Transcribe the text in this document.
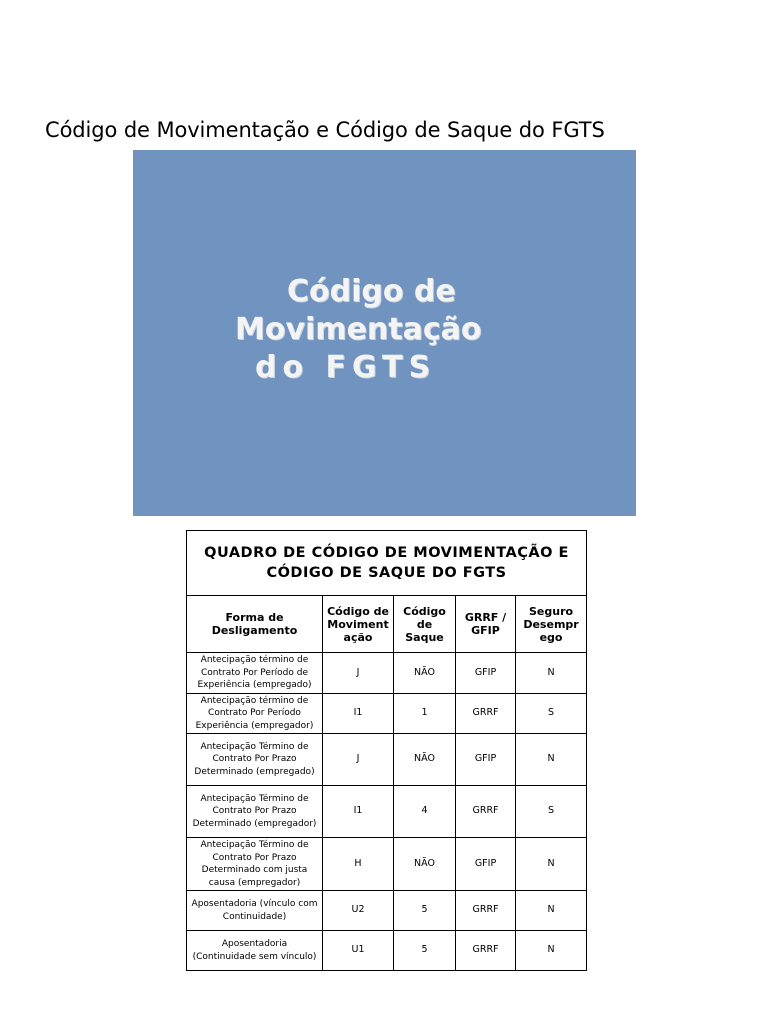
Código de Movimentação e Código de Saque do FGTS
Código de
Movimentação
do FGTS
QUADRO DE CÓDIGO DE MOVIMENTAÇÃO E CÓDIGO DE SAQUE DO FGTS				
Forma de Desligamento	Código de Moviment ação	Código de Saque	GRRF / GFIP	Seguro Desempr ego
Antecipação término de Contrato Por Período de Experiência (empregado)	J	NÃO	GFIP	N
Antecipação término de Contrato Por Período Experiência (empregador)	I1	1	GRRF	S
Antecipação Término de Contrato Por Prazo Determinado (empregado)	J	NÃO	GFIP	N
Antecipação Término de Contrato Por Prazo Determinado (empregador)	I1	4	GRRF	S
Antecipação Término de Contrato Por Prazo Determinado com justa causa (empregador)	H	NÃO	GFIP	N
Aposentadoria (vínculo com Continuidade)	U2	5	GRRF	N
Aposentadoria (Continuidade sem vínculo)	U1	5	GRRF	N
